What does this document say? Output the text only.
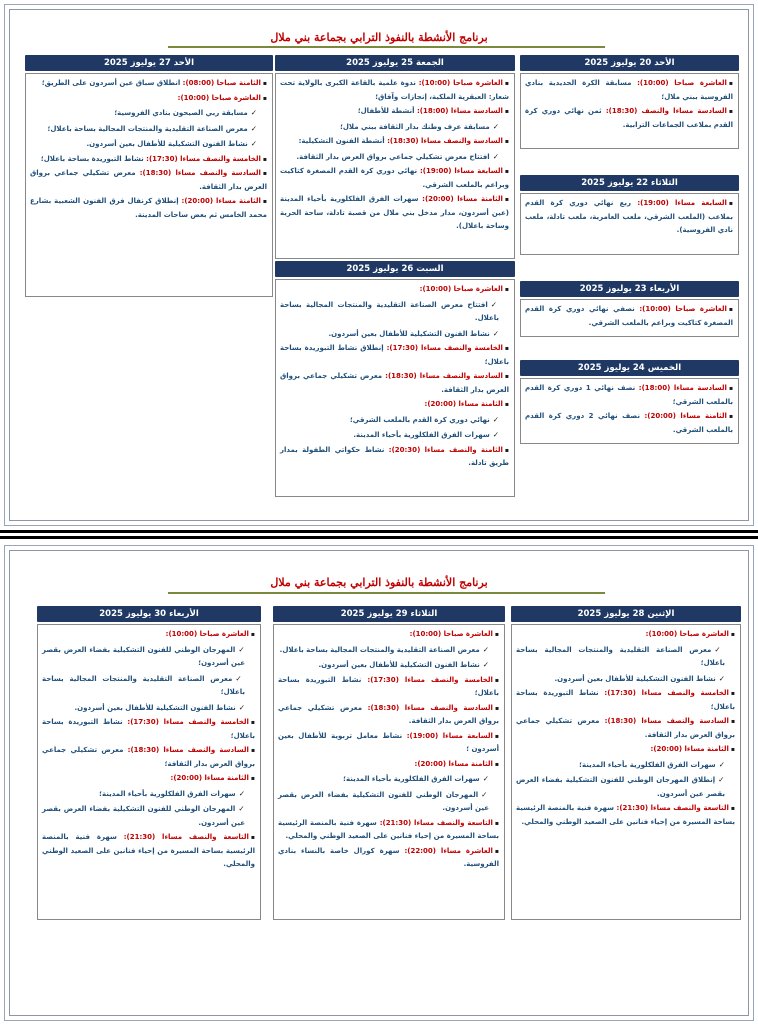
برنامج الأنشطة بالنفوذ الترابي بجماعة بني ملال
الأحد 27 يوليوز 2025
▪الثامنة صباحا (08:00): انطلاق سباق عين أسردون على الطريق؛
▪العاشرة صباحا (10:00):
✓مسابقة ربي الصيحون بنادي الفروسية؛
✓معرض الصناعة التقليدية والمنتجات المجالية بساحة باعلال؛
✓نشاط الفنون التشكيلية للأطفال بعين أسردون.
▪الخامسة والنصف مساءا (17:30): نشاط التبوريدة بساحة باعلال؛
▪السادسة والنصف مساءا (18:30): معرض تشكيلي جماعي برواق العرض بدار الثقافة.
▪الثامنة مساءا (20:00): إنطلاق كرنفال فرق الفنون الشعبية بشارع محمد الخامس ثم بعض ساحات المدينة.
الجمعة 25 يوليوز 2025
▪العاشرة صباحا (10:00): ندوة علمية بالقاعة الكبرى بالولاية تحت شعار: العبقرية الملكية، إنجازات وآفاق؛
▪السادسة مساءا (18:00): أنشطة للأطفال؛
✓مسابقة عرف وطنك بدار الثقافة ببني ملال؛
▪السادسة والنصف مساءا (18:30): أنشطة الفنون التشكيلية:
✓افتتاح معرض تشكيلي جماعي برواق العرض بدار الثقافة.
▪السابعة مساءا (19:00): نهائي دوري كرة القدم المصغرة كتاكيت وبراعم بالملعب الشرقي.
▪الثامنة مساءا (20:00): سهرات الفرق الفلكلورية بأحياء المدينة (عين أسردون، مدار مدخل بني ملال من قصبة تادلة، ساحة الحرية وساحة باعلال).
السبت 26 يوليوز 2025
▪العاشرة صباحا (10:00):
✓افتتاح معرض الصناعة التقليدية والمنتجات المجالية بساحة باعلال.
✓نشاط الفنون التشكيلية للأطفال بعين أسردون.
▪الخامسة والنصف مساءا (17:30): إنطلاق نشاط التبوريدة بساحة باعلال؛
▪السادسة والنصف مساءا (18:30): معرض تشكيلي جماعي برواق العرض بدار الثقافة.
▪الثامنة مساءا (20:00):
✓نهائي دوري كرة القدم بالملعب الشرقي؛
✓سهرات الفرق الفلكلورية بأحياء المدينة.
▪الثامنة والنصف مساءا (20:30): نشاط حكواتي الطفولة بمدار طريق تادلة.
الأحد 20 يوليوز 2025
▪العاشرة صباحا (10:00): مسابقة الكرة الحديدية بنادي الفروسية ببني ملال؛
▪السادسة مساءا والنصف (18:30): ثمن نهائي دوري كرة القدم بملاعب الجماعات الترابية.
الثلاثاء 22 يوليوز 2025
▪السابعة مساءا (19:00): ربع نهائي دوري كرة القدم بملاعب (الملعب الشرقي، ملعب العامرية، ملعب تادلة، ملعب نادي الفروسية).
الأربعاء 23 يوليوز 2025
▪العاشرة صباحا (10:00): نصفي نهائي دوري كرة القدم المصغرة كتاكيت وبراعم بالملعب الشرقي.
الخميس 24 يوليوز 2025
▪السادسة مساءا (18:00): نصف نهائي 1 دوري كرة القدم بالملعب الشرقي؛
▪الثامنة مساءا (20:00): نصف نهائي 2 دوري كرة القدم بالملعب الشرقي.
برنامج الأنشطة بالنفوذ الترابي بجماعة بني ملال
الأربعاء 30 يوليوز 2025
▪العاشرة صباحا (10:00):
✓المهرجان الوطني للفنون التشكيلية بفضاء العرض بقصر عين أسردون؛
✓معرض الصناعة التقليدية والمنتجات المجالية بساحة باعلال؛
✓نشاط الفنون التشكيلية للأطفال بعين أسردون.
▪الخامسة والنصف مساءا (17:30): نشاط التبوريدة بساحة باعلال؛
▪السادسة والنصف مساءا (18:30): معرض تشكيلي جماعي برواق العرض بدار الثقافة؛
▪الثامنة مساءا (20:00):
✓سهرات الفرق الفلكلورية بأحياء المدينة؛
✓المهرجان الوطني للفنون التشكيلية بفضاء العرض بقصر عين أسردون.
▪التاسعة والنصف مساءا (21:30): سهرة فنية بالمنصة الرئيسية بساحة المسيرة من إحياء فنانين على الصعيد الوطني والمحلي.
الثلاثاء 29 يوليوز 2025
▪العاشرة صباحا (10:00):
✓معرض الصناعة التقليدية والمنتجات المجالية بساحة باعلال.
✓نشاط الفنون التشكيلية للأطفال بعين أسردون.
▪الخامسة والنصف مساءا (17:30): نشاط التبوريدة بساحة باعلال؛
▪السادسة والنصف مساءا (18:30): معرض تشكيلي جماعي برواق العرض بدار الثقافة.
▪السابعة مساءا (19:00): نشاط معامل تربوية للأطفال بعين أسردون ؛
▪الثامنة مساءا (20:00):
✓سهرات الفرق الفلكلورية بأحياء المدينة؛
✓المهرجان الوطني للفنون التشكيلية بفضاء العرض بقصر عين أسردون.
▪التاسعة والنصف مساءا (21:30): سهرة فنية بالمنصة الرئيسية بساحة المسيرة من إحياء فنانين على الصعيد الوطني والمحلي.
▪العاشرة مساءا (22:00): سهرة كورال خاصة بالنساء بنادي الفروسية.
الإثنين 28 يوليوز 2025
▪العاشرة صباحا (10:00):
✓معرض الصناعة التقليدية والمنتجات المجالية بساحة باعلال؛
✓نشاط الفنون التشكيلية للأطفال بعين أسردون.
▪الخامسة والنصف مساءا (17:30): نشاط التبوريدة بساحة باعلال؛
▪السادسة والنصف مساءا (18:30): معرض تشكيلي جماعي برواق العرض بدار الثقافة.
▪الثامنة مساءا (20:00):
✓سهرات الفرق الفلكلورية بأحياء المدينة؛
✓إنطلاق المهرجان الوطني للفنون التشكيلية بفضاء العرض بقصر عين أسردون.
▪التاسعة والنصف مساءا (21:30): سهرة فنية بالمنصة الرئيسية بساحة المسيرة من إحياء فنانين على الصعيد الوطني والمحلي.
